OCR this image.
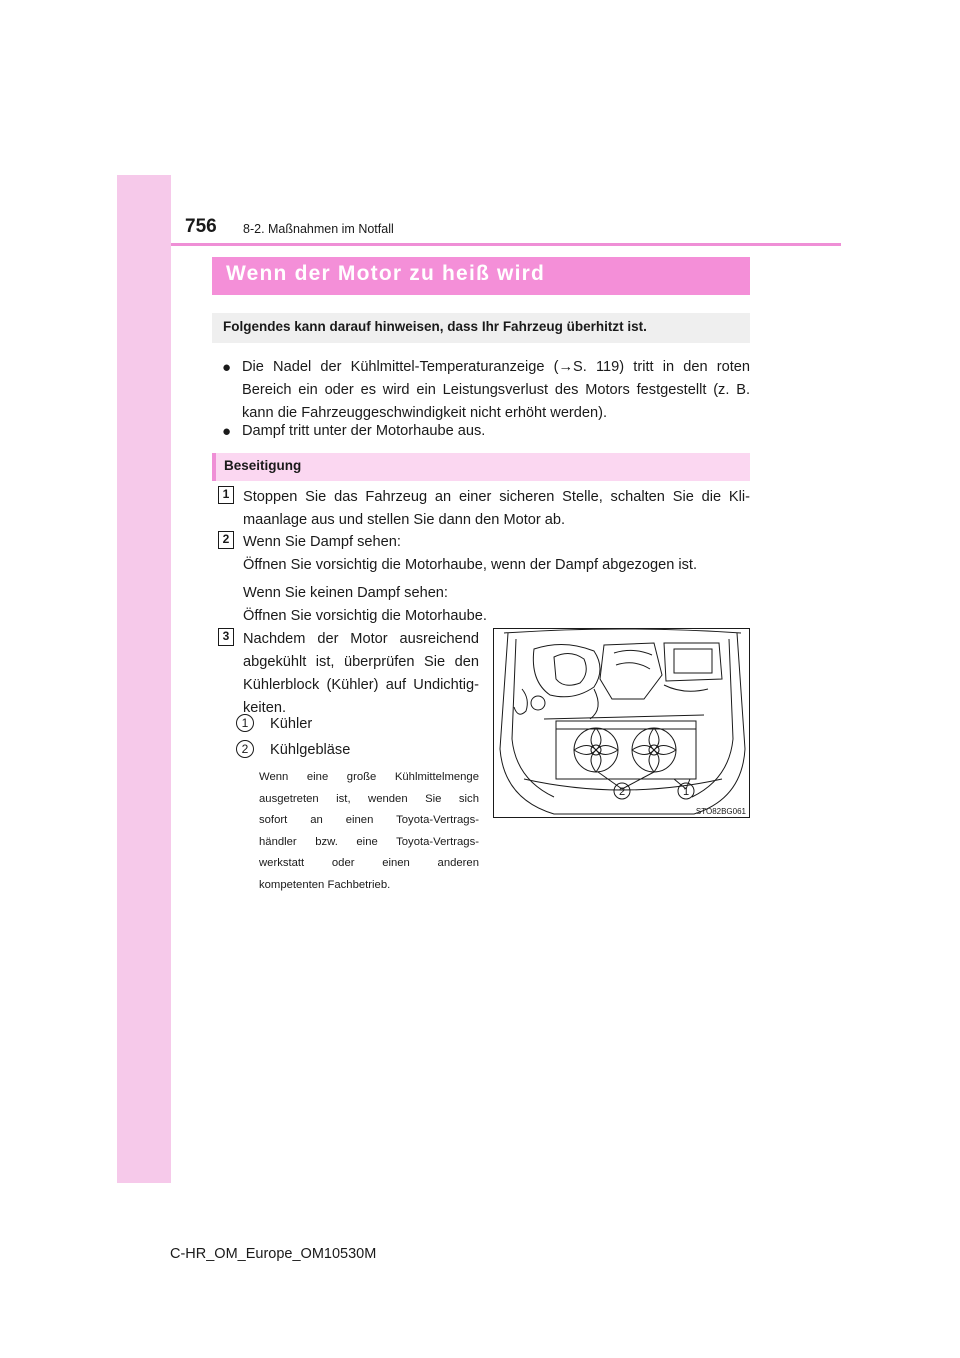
756 8-2. Maßnahmen im Notfall
Wenn der Motor zu heiß wird
Folgendes kann darauf hinweisen, dass Ihr Fahrzeug überhitzt ist.
● Die Nadel der Kühlmittel-Temperaturanzeige (→S. 119) tritt in den roten Bereich ein oder es wird ein Leistungsverlust des Motors festgestellt (z. B. kann die Fahrzeuggeschwindigkeit nicht erhöht werden).
● Dampf tritt unter der Motorhaube aus.
Beseitigung
1 Stoppen Sie das Fahrzeug an einer sicheren Stelle, schalten Sie die Kli-
maanlage aus und stellen Sie dann den Motor ab.
2 Wenn Sie Dampf sehen:
Öffnen Sie vorsichtig die Motorhaube, wenn der Dampf abgezogen ist.
Wenn Sie keinen Dampf sehen:
Öffnen Sie vorsichtig die Motorhaube.
3 Nachdem der Motor ausreichend
abgekühlt ist, überprüfen Sie den
Kühlerblock (Kühler) auf Undichtig-
keiten.
1	Kühler
2	Kühlgebläse
Wenn eine große Kühlmittelmenge
ausgetreten ist, wenden Sie sich
sofort an einen Toyota-Vertrags-
händler bzw. eine Toyota-Vertrags-
werkstatt oder einen anderen
kompetenten Fachbetrieb.
2	1
STO82BG061
C-HR_OM_Europe_OM10530M
